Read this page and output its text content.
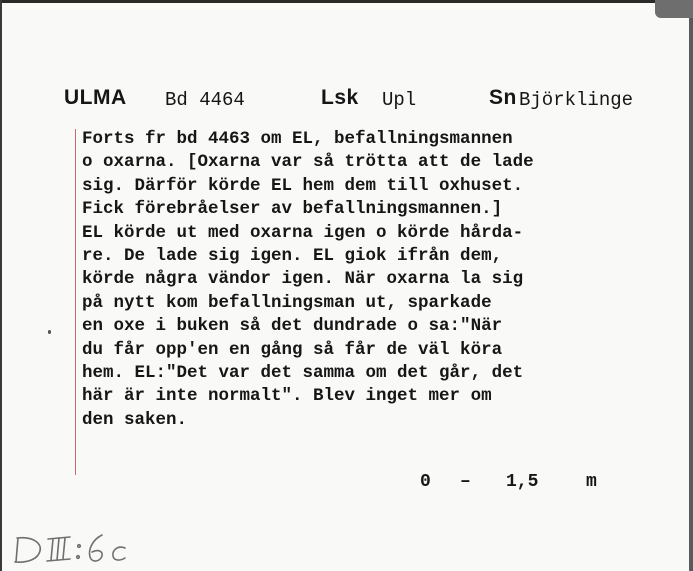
ULMA Bd 4464	Lsk Upl	Sn Björklinge
Forts fr bd 4463 om EL, befallningsmannen
o oxarna. [Oxarna var så trötta att de lade
sig. Därför körde EL hem dem till oxhuset.
Fick förebråelser av befallningsmannen.]
EL körde ut med oxarna igen o körde hårda-
re. De lade sig igen. EL giok ifrån dem,
körde några vändor igen. När oxarna la sig
på nytt kom befallningsman ut, sparkade
en oxe i buken så det dundrade o sa:"När
du får opp'en en gång så får de väl köra
hem. EL:"Det var det samma om det går, det
här är inte normalt". Blev inget mer om
den saken.
0 – 1,5	m
